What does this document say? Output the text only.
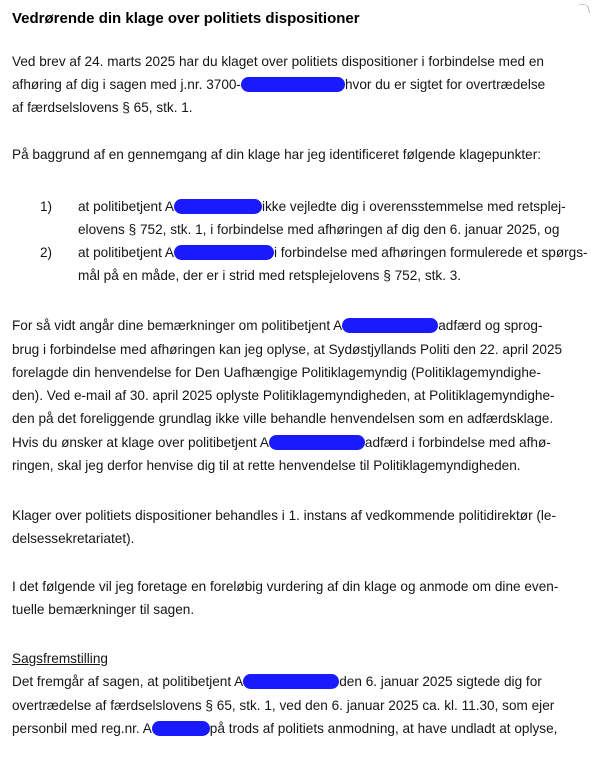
⌒\
Vedrørende din klage over politiets dispositioner
Ved brev af 24. marts 2025 har du klaget over politiets dispositioner i forbindelse med en
afhøring af dig i sagen med j.nr. 3700-	hvor du er sigtet for overtrædelse
af færdselslovens § 65, stk. 1.
På baggrund af en gennemgang af din klage har jeg identificeret følgende klagepunkter:
1) at politibetjent A	ikke vejledte dig i overensstemmelse med retsplej-
elovens § 752, stk. 1, i forbindelse med afhøringen af dig den 6. januar 2025, og
2) at politibetjent A	i forbindelse med afhøringen formulerede et spørgs-
mål på en måde, der er i strid med retsplejelovens § 752, stk. 3.
For så vidt angår dine bemærkninger om politibetjent A	adfærd og sprog-
brug i forbindelse med afhøringen kan jeg oplyse, at Sydøstjyllands Politi den 22. april 2025
forelagde din henvendelse for Den Uafhængige Politiklagemyndig (Politiklagemyndighe-
den). Ved e-mail af 30. april 2025 oplyste Politiklagemyndigheden, at Politiklagemyndighe-
den på det foreliggende grundlag ikke ville behandle henvendelsen som en adfærdsklage.
Hvis du ønsker at klage over politibetjent A	adfærd i forbindelse med afhø-
ringen, skal jeg derfor henvise dig til at rette henvendelse til Politiklagemyndigheden.
Klager over politiets dispositioner behandles i 1. instans af vedkommende politidirektør (le-
delsessekretariatet).
I det følgende vil jeg foretage en foreløbig vurdering af din klage og anmode om dine even-
tuelle bemærkninger til sagen.
Sagsfremstilling
Det fremgår af sagen, at politibetjent A	den 6. januar 2025 sigtede dig for
overtrædelse af færdselslovens § 65, stk. 1, ved den 6. januar 2025 ca. kl. 11.30, som ejer
personbil med reg.nr. A	på trods af politiets anmodning, at have undladt at oplyse,
